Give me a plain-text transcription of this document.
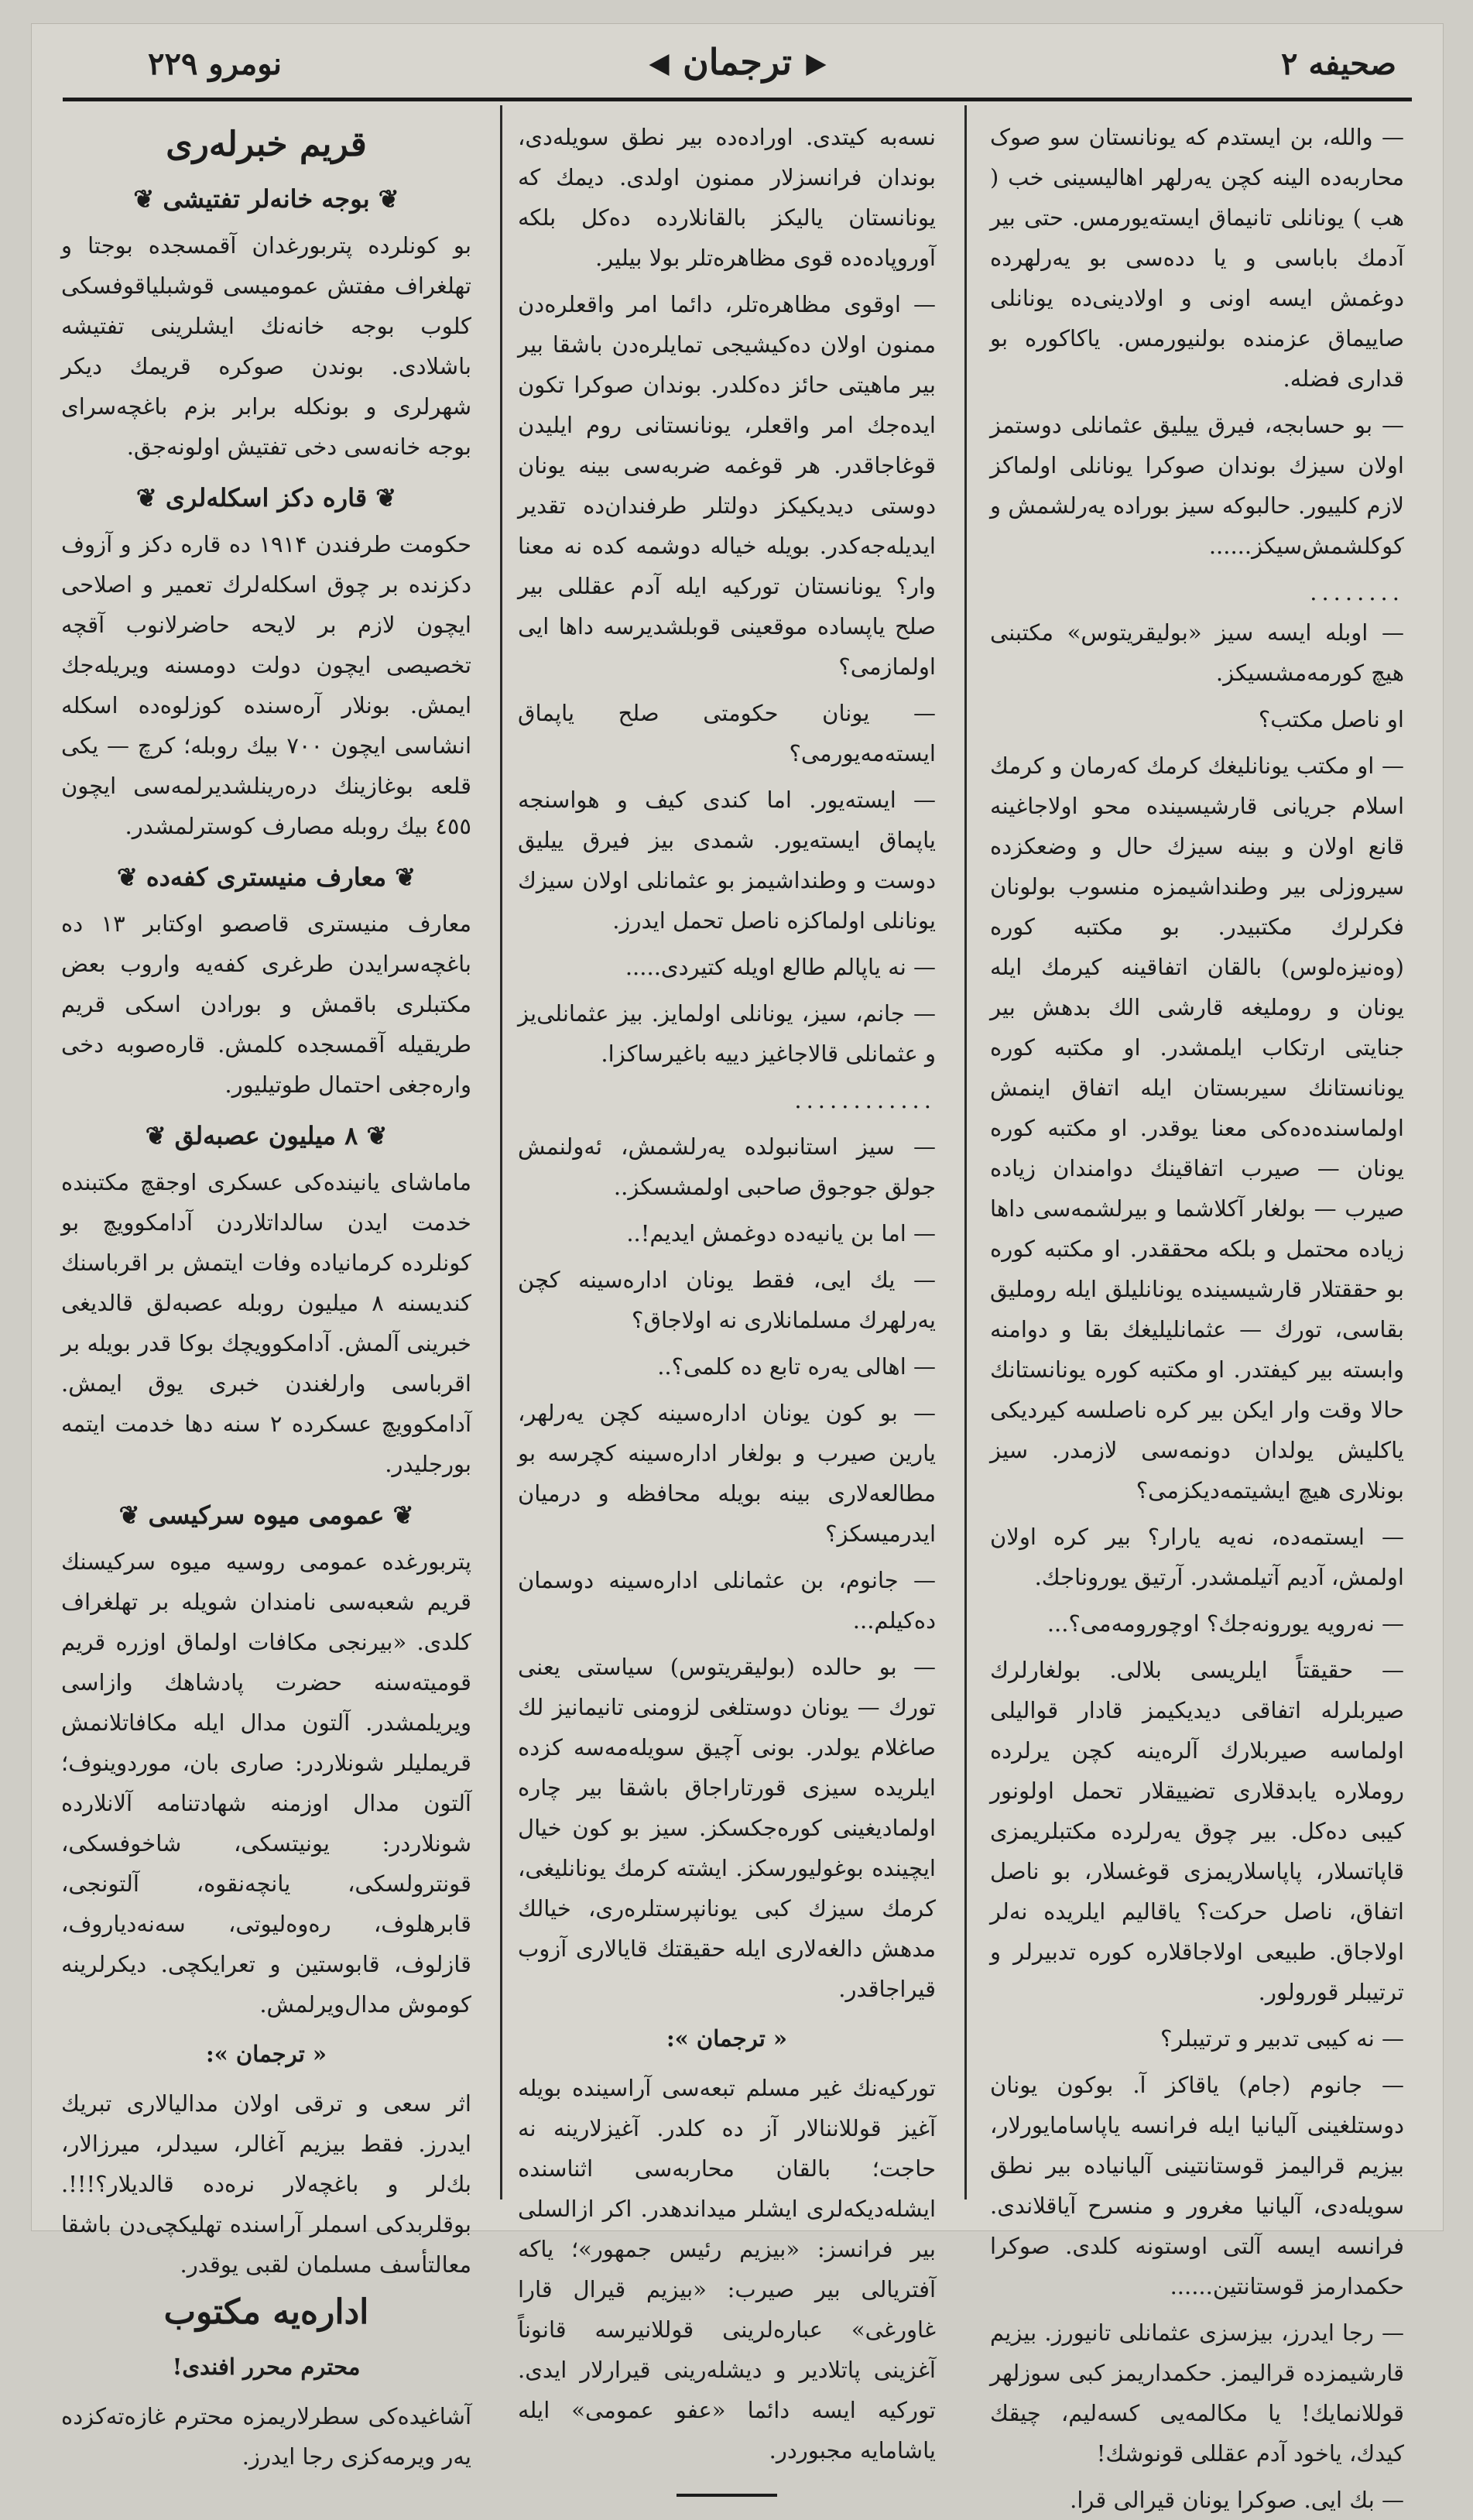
صحیفه ۲
ترجمان
نومرو ۲۲۹

— والله، بن ایستدم که یونانستان سو صوک محاربه‌ده الینه کچن یه‌رلهر اهالیسینی خب ( هب ) یونانلی تانیماق ایسته‌یورمس. حتی بیر آدمك باباسی و یا دده‌سی بو یه‌رلهرده دوغمش ایسه اونی و اولادینی‌ده یونانلی صاییماق عزمنده بولنیورمس. یاکاکوره بو قداری فضله.

— بو حسابجه، فیرق ییلیق عثمانلی دوستمز اولان سیزك بوندان صوکرا یونانلی اولماکز لازم کلییور. حالبوکه سیز بوراده یه‌رلشمش و کوکلشمش‌سیکز......

........

— اوبله ایسه سیز «بولیقریتوس» مکتبنی هیچ کورمه‌مشسیکز.

او ناصل مکتب؟

— او مکتب یونانلیغك کرمك که‌رمان و کرمك اسلام جریانی قارشیسینده محو اولاجاغینه قانع اولان و بینه سیزك حال و وضعکزده سیروزلی بیر وطنداشیمزه منسوب بولونان فکرلرك مکتبیدر. بو مکتبه کوره (وه‌نیزه‌لوس) بالقان اتفاقینه کیرمك ایله یونان و روملیغه قارشی الك بدهش بیر جنایتی ارتکاب ایلمشدر. او مکتبه کوره یونانستانك سیربستان ایله اتفاق اینمش اولماسنده‌ده‌کی معنا یوقدر. او مکتبه کوره یونان — صیرب اتفاقینك دوامندان زیاده صیرب — بولغار آکلاشما و بیرلشمه‌سی داها زیاده محتمل و بلکه محققدر. او مکتبه کوره بو حققتلار قارشیسینده یونانلیلق ایله روملیق بقاسی، تورك — عثمانلیلیغك بقا و دوامنه وابسته بیر کیفتدر. او مکتبه کوره یونانستانك حالا وقت وار ایکن بیر کره ناصلسه کیردیکی یاکلیش یولدان دونمه‌سی لازمدر. سیز بونلاری هیچ ایشیتمه‌دیکزمی؟

— ایستمه‌ده، نه‌یه یارار؟ بیر کره اولان اولمش، آدیم آتیلمشدر. آرتیق یوروناجك.

— نه‌رویه یورونه‌جك؟ اوچورومه‌می؟...

— حقیقتاً ایلریسی بلالی. بولغارلرك صیربلرله اتفاقی دیدیکیمز قادار قوالیلی اولماسه صیربلارك آلره‌ینه کچن یرلرده روملاره یابدقلاری تضییقلار تحمل اولونور کیبی ده‌کل. بیر چوق یه‌رلرده مکتبلریمزی قاپاتسلار، پاپاسلاریمزی قوغسلار، بو ناصل اتفاق، ناصل حرکت؟ یاقالیم ایلریده نه‌لر اولاجاق. طبیعی اولاجاقلاره کوره تدبیرلر و ترتیبلر قورولور.

— نه کیبی تدبیر و ترتیبلر؟

— جانوم (جام) یاقاکز آ. بوکون یونان دوستلغینی آلیانیا ایله فرانسه یاپاسامایورلار، بیزیم قرالیمز قوستانتینی آلیانیاده بیر نطق سویله‌دی، آلیانیا مغرور و منسرح آیاقلاندی. فرانسه ایسه آلتی اوستونه کلدی. صوکرا حکمدارمز قوستانتین......

— رجا ایدرز، بیزسزی عثمانلی تانیورز. بیزیم قارشیمزده قرالیمز. حکمداریمز کبی سوزلهر قوللانمایك! یا مکالمه‌یی کسه‌لیم، چیقك کیدك، یاخود آدم عقللی قونوشك!

— بك ایی. صوکرا یونان قیرالی قرا.

نسه‌به کیتدی. اوراده‌ده بیر نطق سویله‌دی، بوندان فرانسزلار ممنون اولدی. دیمك که یونانستان یالیکز بالقانلارده ده‌کل بلکه آوروپاده‌ده قوی مظاهره‌تلر بولا بیلیر.

— اوقوی مظاهره‌تلر، دائما امر واقعلره‌دن ممنون اولان ده‌کیشیجی تمایلره‌دن باشقا بیر بیر ماهیتی حائز ده‌کلدر. بوندان صوکرا تکون ایده‌جك امر واقعلر، یونانستانی روم ایلیدن قوغاجاقدر. هر قوغمه ضربه‌سی بینه یونان دوستی دیدیکیکز دولتلر طرفندان‌ده تقدیر ایدیله‌جه‌کدر. بویله خیاله دوشمه کده نه معنا وار؟ یونانستان تورکیه ایله آدم عقللی بیر صلح یاپساده موقعینی قوبلشدیرسه داها ایی اولمازمی؟

— یونان حکومتی صلح یاپماق ایسته‌مه‌یورمی؟

— ایسته‌یور. اما کندی کیف و هواسنجه یاپماق ایسته‌یور. شمدی بیز فیرق ییلیق دوست و وطنداشیمز بو عثمانلی اولان سیزك یونانلی اولماکزه ناصل تحمل ایدرز.

— نه یاپالم طالع اویله کتیردی.....

— جانم، سیز، یونانلی اولمایز. بیز عثمانلی‌یز و عثمانلی قالاجاغیز دییه باغیرساکزا.

............

— سیز استانبولده یه‌رلشمش، ئه‌ولنمش جولق جوجوق صاحبی اولمشسکز..

— اما بن یانیه‌ده دوغمش ایدیم!..

— یك ایی، فقط یونان اداره‌سینه کچن یه‌رلهرك مسلمانلاری نه اولاجاق؟

— اهالی یه‌ره تابع ده کلمی؟..

— بو کون یونان اداره‌سینه کچن یه‌رلهر، یارین صیرب و بولغار اداره‌سینه کچرسه بو مطالعه‌لاری بینه بویله محافظه و درمیان ایدرمیسکز؟

— جانوم، بن عثمانلی اداره‌سینه دوسمان ده‌کیلم...

— بو حالده (بولیقریتوس) سیاستی یعنی تورك — یونان دوستلغی لزومنی تانیمانیز لك صاغلام یولدر. بونی آچیق سویله‌مه‌سه کزده ایلریده سیزی قورتاراجاق باشقا بیر چاره اولمادیغینی کوره‌جکسکز. سیز بو کون خیال ایچینده بوغولیورسکز. ایشته کرمك یونانلیغی، کرمك سیزك کبی یونانپرستلره‌ری، خیالك مدهش دالغه‌لاری ایله حقیقتك قایالاری آزوب قیراجاقدر.

« ترجمان »:

تورکیه‌نك غیر مسلم تبعه‌سی آراسینده بویله آغیز قوللاننالار آز ده کلدر. آغیزلارینه نه حاجت؛ بالقان محاربه‌سی اثناسنده ایشله‌دیکه‌لری ایشلر میداندهدر. اکر ازالسلی بیر فرانسز: «بیزیم رئیس جمهور»؛ یاکه آفتریالی بیر صیرب: «بیزیم قیرال قارا غاورغی» عباره‌لرینی قوللانیرسه قانوناً آغزینی پاتلادیر و دیشله‌رینی قیرارلار ایدی. تورکیه ایسه دائما «عفو عمومی» ایله یاشامایه مجبوردر.

قریم خبرله‌ری
❦ بوجه خانه‌لر تفتیشی ❦

بو کونلرده پتربورغدان آقمسجده بوجتا و تهلغراف مفتش عمومیسی قوشبلیاقوفسکی کلوب بوجه خانه‌نك ایشلرینی تفتیشه باشلادی. بوندن صوکره قریمك دیکر شهرلری و بونکله برابر بزم باغچه‌سرای بوجه خانه‌سی دخی تفتیش اولونه‌جق.

❦ قاره دکز اسکله‌لری ❦

حکومت طرفندن ۱۹۱۴ ده قاره دکز و آزوف دکزنده بر چوق اسکله‌لرك تعمیر و اصلاحی ایچون لازم بر لایحه حاضرلانوب آقچه تخصیصی ایچون دولت دومسنه ویریله‌جك ایمش. بونلار آره‌سنده کوزلوه‌ده اسکله انشاسی ایچون ۷۰۰ بیك روبله؛ کرچ — یکی قلعه بوغازینك دره‌رینلشدیرلمه‌سی ایچون ٤٥٥ بیك روبله مصارف کوسترلمشدر.

❦ معارف منیستری کفه‌ده ❦

معارف منیستری قاصصو اوکتابر ۱۳ ده باغچه‌سرایدن طرغری کفه‌یه واروب بعض مکتبلری باقمش و بورادن اسکی قریم طریقیله آقمسجده کلمش. قاره‌صوبه دخی واره‌جغی احتمال طوتیلیور.

❦ ۸ میلیون عصبه‌لق ❦

ماماشای یانینده‌کی عسکری اوجقچ مکتبنده خدمت ایدن سالداتلاردن آدامکوویچ بو کونلرده کرمانیاده وفات ایتمش بر اقرباسنك کندیسنه ۸ میلیون روبله عصبه‌لق قالدیغی خبرینی آلمش. آدامکوویچك بوکا قدر بویله بر اقرباسی وارلغندن خبری یوق ایمش. آدامکوویچ عسکرده ۲ سنه دها خدمت ایتمه بورجلیدر.

❦ عمومی میوه سرکیسی ❦

پتربورغده عمومی روسیه میوه سرکیسنك قریم شعبه‌سی نامندان شویله بر تهلغراف کلدی. «بیرنجی مکافات اولماق اوزره قریم قومیته‌سنه حضرت پادشاهك وازاسی ویریلمشدر. آلتون مدال ایله مکافاتلانمش قریملیلر شونلاردر: صاری بان، موردوینوف؛ آلتون مدال اوزمنه شهادتنامه آلانلارده شونلاردر: یونیتسکی، شاخوفسکی، قونترولسکی، یانچه‌نقوه، آلتونجی، قابرهلوف، ره‌وه‌لیوتی، سه‌نه‌دیاروف، قازلوف، قابوستین و تعرایکچی. دیکرلرینه کوموش مدال‌ویرلمش.

« ترجمان »:

اثر سعی و ترقی اولان مدالیالاری تبریك ایدرز. فقط بیزیم آغالر، سیدلر، میرزالار، بك‌لر و باغچه‌لار نره‌ده قالدیلار؟!!!. بوقلربدکی اسملر آراسنده تهلیکچی‌دن باشقا معالتأسف مسلمان لقبی یوقدر.

اداره‌یه مکتوب

محترم محرر افندی!

آشاغیده‌کی سطرلاریمزه محترم غازه‌ته‌کزده یه‌ر ویرمه‌کزی رجا ایدرز.
